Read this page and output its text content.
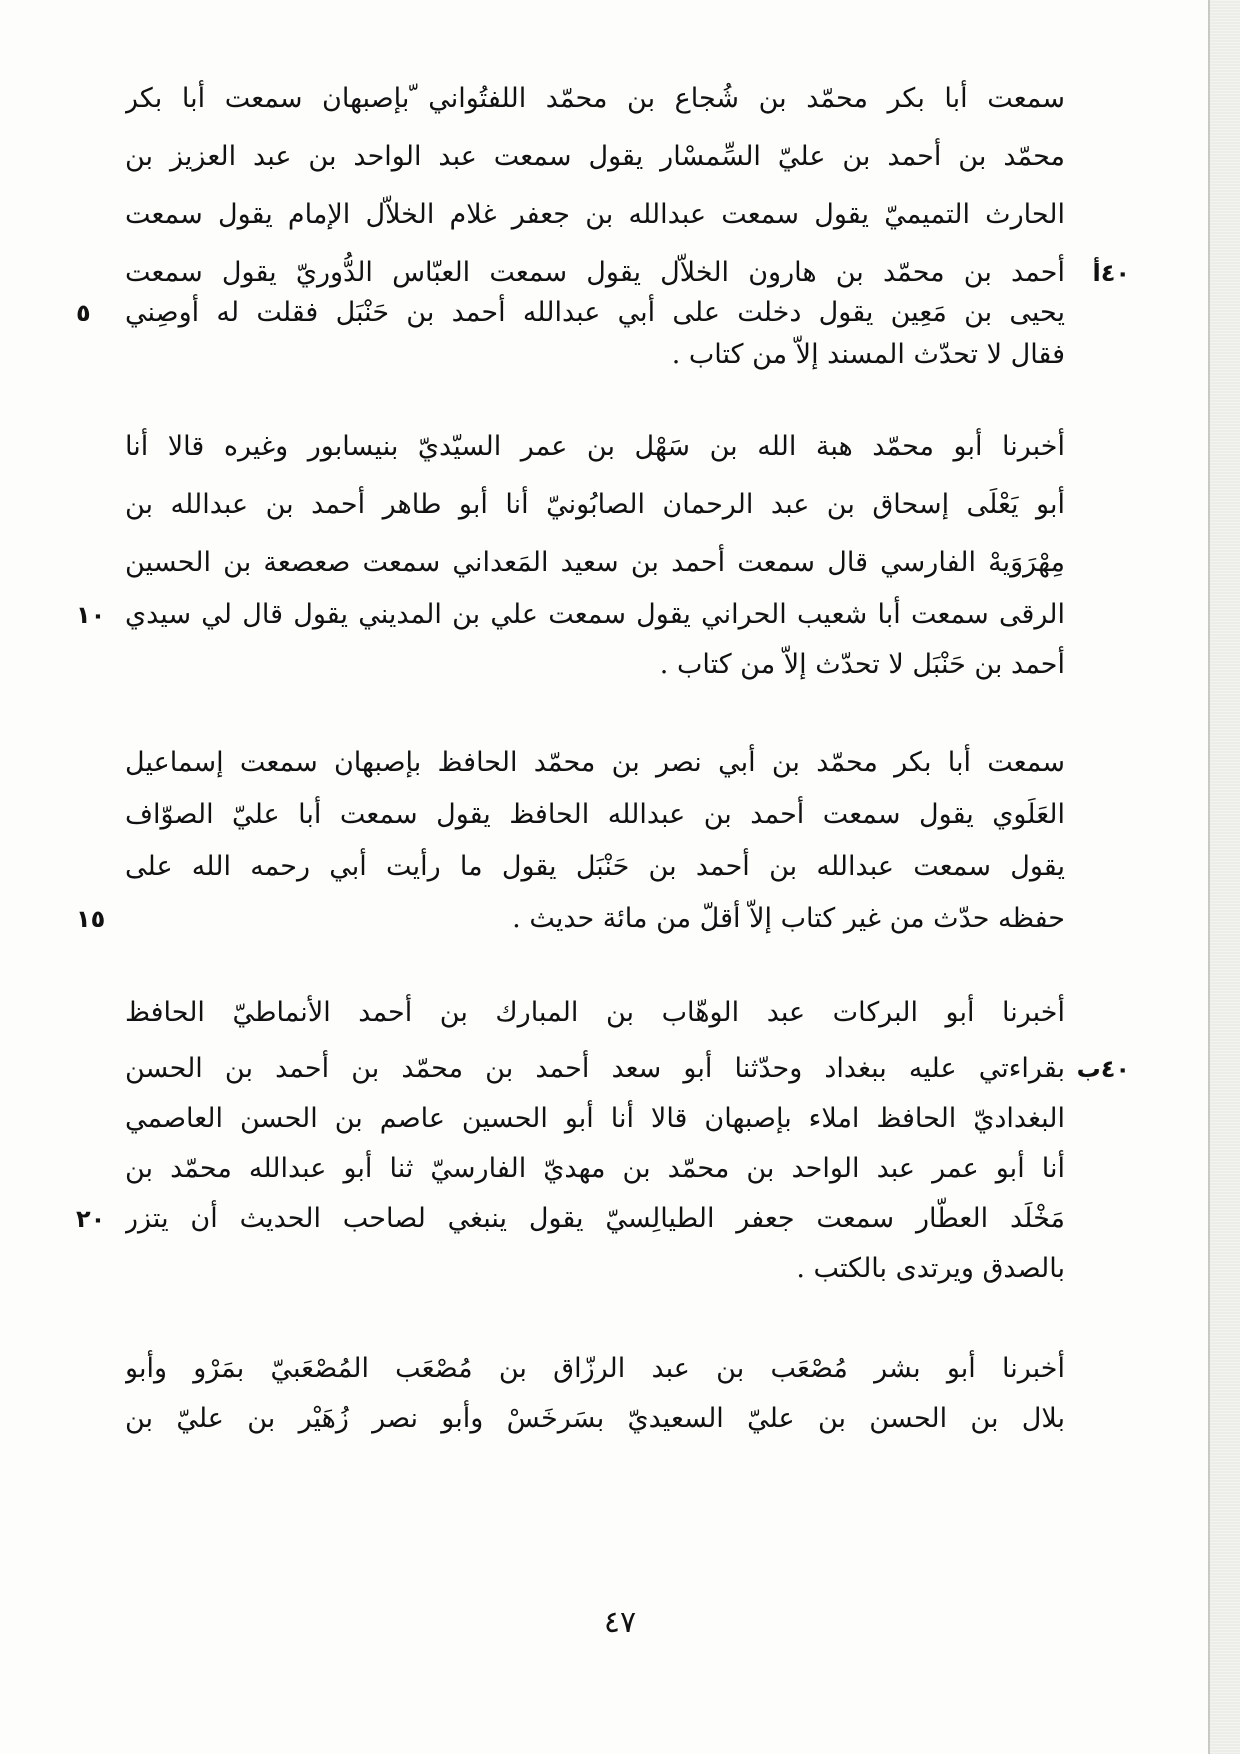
سمعت أبا بكر محمّد بن شُجاع بن محمّد اللفتُواني ّبإصبهان سمعت أبا بكر
محمّد بن أحمد بن عليّ السِّمسْار يقول سمعت عبد الواحد بن عبد العزيز بن
الحارث التميميّ يقول سمعت عبدالله بن جعفر غلام الخلاّل الإمام يقول سمعت
٤٠أ
أحمد بن محمّد بن هارون الخلاّل يقول سمعت العبّاس الدُّوريّ يقول سمعت
يحيى بن مَعِين يقول دخلت على أبي عبدالله أحمد بن حَنْبَل فقلت له أوصِني
٥
فقال لا تحدّث المسند إلاّ من كتاب .
أخبرنا أبو محمّد هبة الله بن سَهْل بن عمر السيّديّ بنيسابور وغيره قالا أنا
أبو يَعْلَى إسحاق بن عبد الرحمان الصابُونيّ أنا أبو طاهر أحمد بن عبدالله بن
مِهْرَوَيهْ الفارسي قال سمعت أحمد بن سعيد المَعداني سمعت صعصعة بن الحسين
الرقى سمعت أبا شعيب الحراني يقول سمعت علي بن المديني يقول قال لي سيدي
١٠
أحمد بن حَنْبَل لا تحدّث إلاّ من كتاب .
سمعت أبا بكر محمّد بن أبي نصر بن محمّد الحافظ بإصبهان سمعت إسماعيل
العَلَوي يقول سمعت أحمد بن عبدالله الحافظ يقول سمعت أبا عليّ الصوّاف
يقول سمعت عبدالله بن أحمد بن حَنْبَل يقول ما رأيت أبي رحمه الله على
حفظه حدّث من غير كتاب إلاّ أقلّ من مائة حديث .
١٥
أخبرنا أبو البركات عبد الوهّاب بن المبارك بن أحمد الأنماطيّ الحافظ
٤٠ب
بقراءتي عليه ببغداد وحدّثنا أبو سعد أحمد بن محمّد بن أحمد بن الحسن
البغداديّ الحافظ املاء بإصبهان قالا أنا أبو الحسين عاصم بن الحسن العاصمي
أنا أبو عمر عبد الواحد بن محمّد بن مهديّ الفارسيّ ثنا أبو عبدالله محمّد بن
مَخْلَد العطّار سمعت جعفر الطيالِسيّ يقول ينبغي لصاحب الحديث أن يتزر
٢٠
بالصدق ويرتدى بالكتب .
أخبرنا أبو بشر مُصْعَب بن عبد الرزّاق بن مُصْعَب المُصْعَبيّ بمَرْو وأبو
بلال بن الحسن بن عليّ السعيديّ بسَرخَسْ وأبو نصر زُهَيْر بن عليّ بن
٤٧
